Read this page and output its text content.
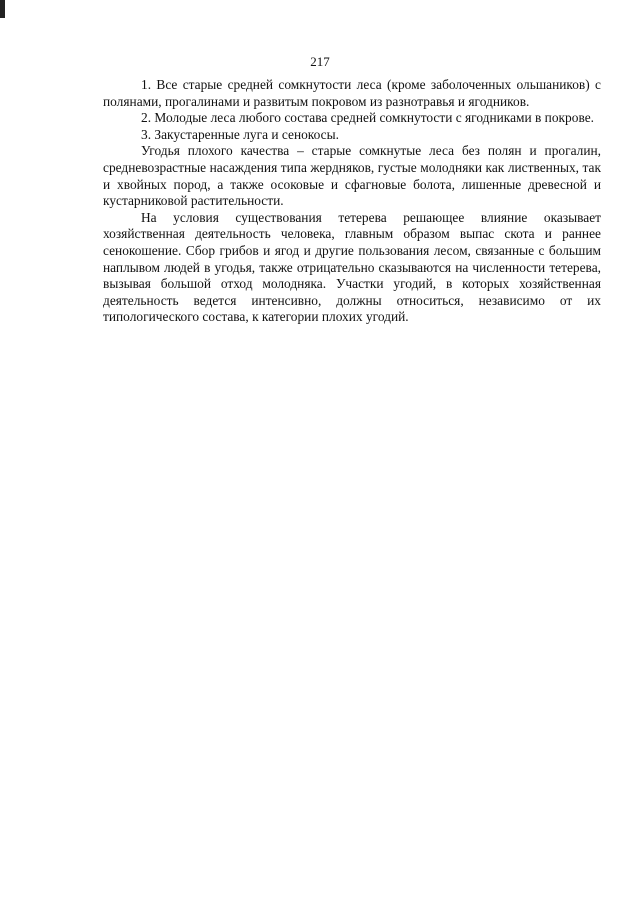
217

1. Все старые средней сомкнутости леса (кроме заболоченных ольшаников) с полянами, прогалинами и развитым покровом из разнотравья и ягодников.

2. Молодые леса любого состава средней сомкнутости с ягодниками в покрове.

3. Закустаренные луга и сенокосы.

Угодья плохого качества – старые сомкнутые леса без полян и прогалин, средневозрастные насаждения типа жердняков, густые молодняки как лиственных, так и хвойных пород, а также осоковые и сфагновые болота, лишенные древесной и кустарниковой растительности.

На условия существования тетерева решающее влияние оказывает хозяйственная деятельность человека, главным образом выпас скота и раннее сенокошение. Сбор грибов и ягод и другие пользования лесом, связанные с большим наплывом людей в угодья, также отрицательно сказываются на численности тетерева, вызывая большой отход молодняка. Участки угодий, в которых хозяйственная деятельность ведется интенсивно, должны относиться, независимо от их типологического состава, к категории плохих угодий.
